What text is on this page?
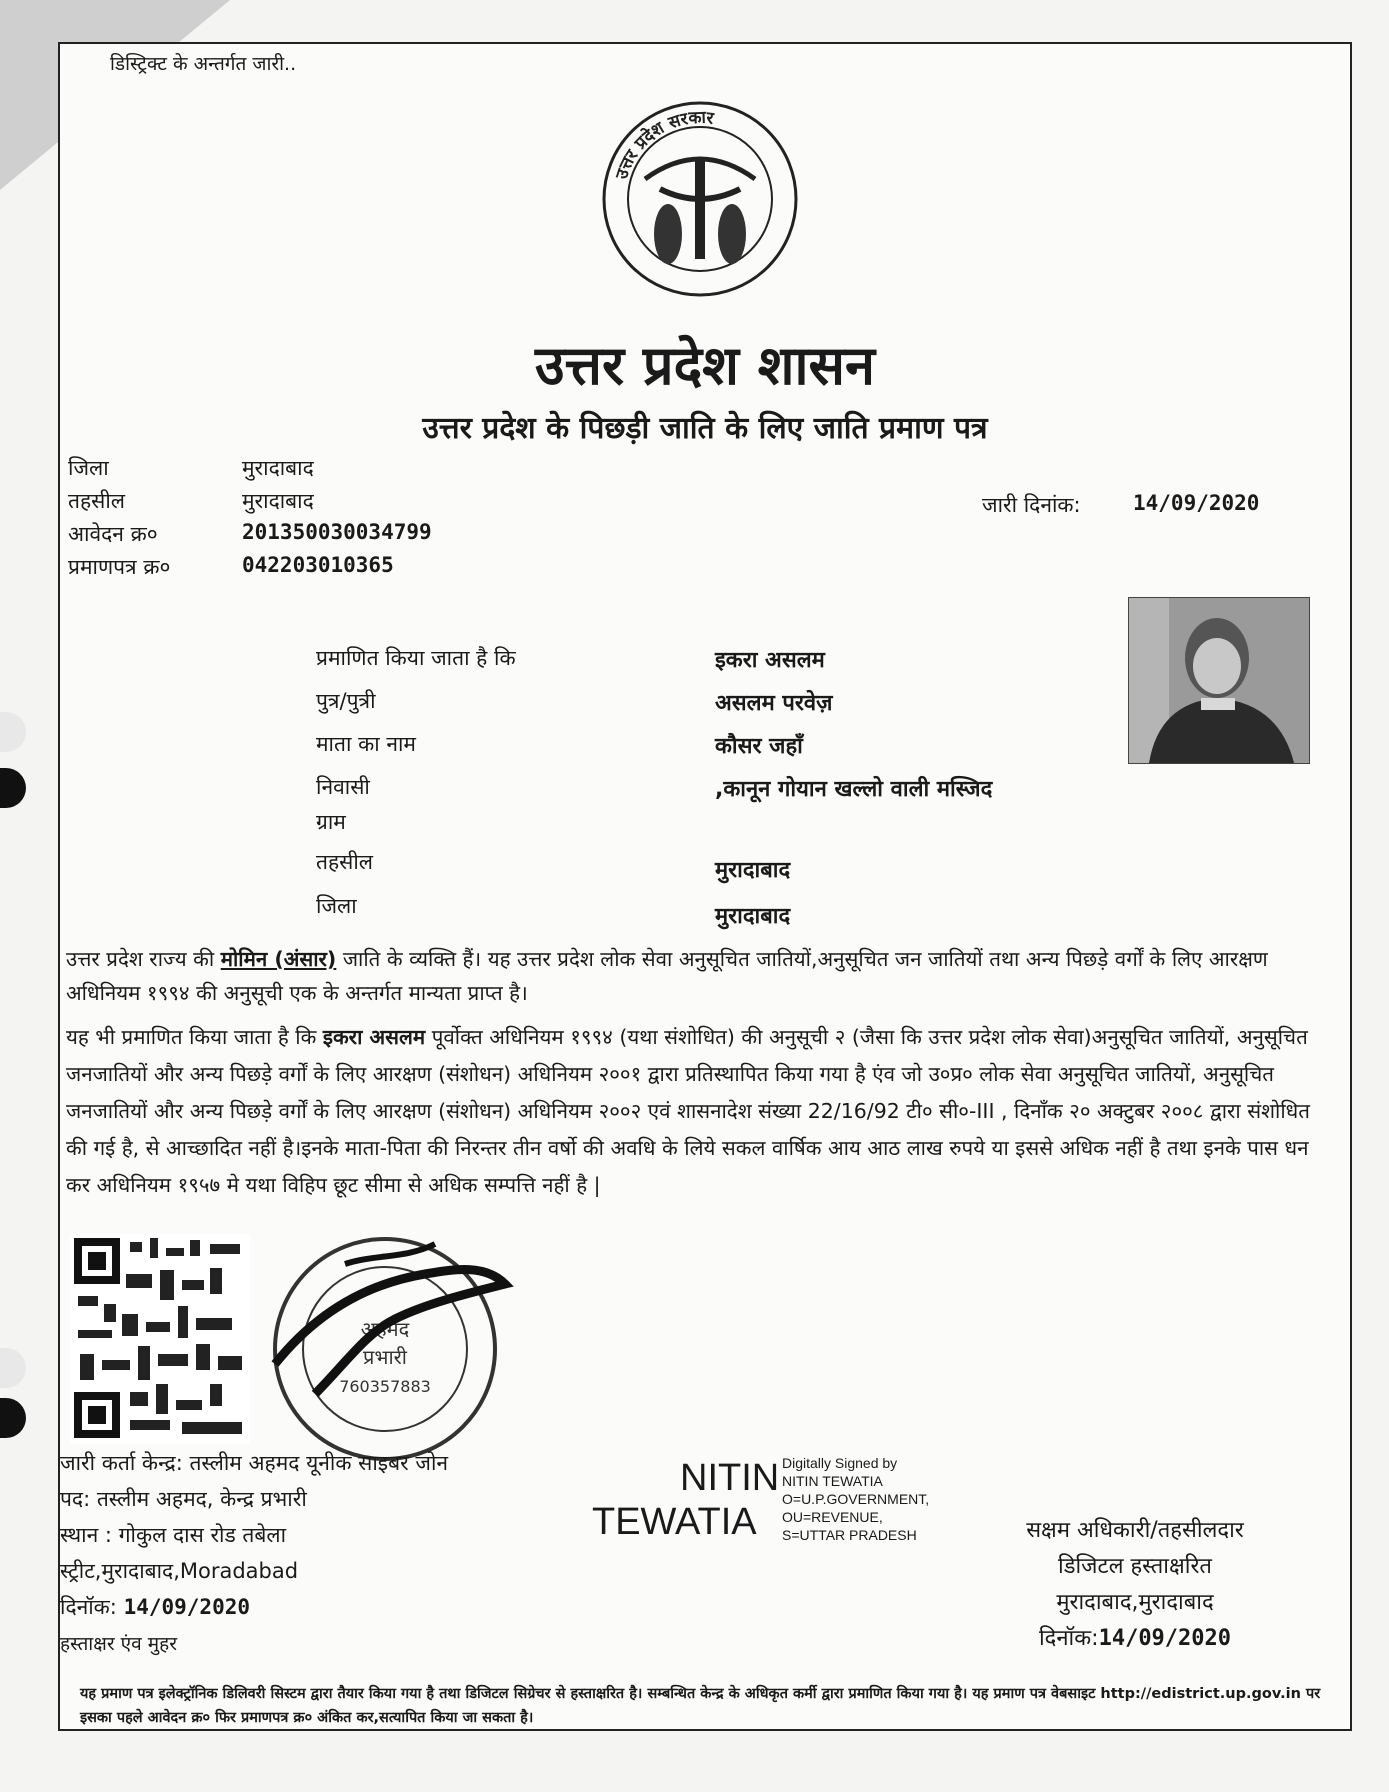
डिस्ट्रिक्ट के अन्तर्गत जारी..
उत्तर प्रदेश सरकार
उत्तर प्रदेश शासन
उत्तर प्रदेश के पिछड़ी जाति के लिए जाति प्रमाण पत्र
जिला	मुरादाबाद
तहसील	मुरादाबाद
आवेदन क्र०	201350030034799
प्रमाणपत्र क्र०	042203010365
जारी दिनांक: 14/09/2020
प्रमाणित किया जाता है कि	इकरा असलम
पुत्र/पुत्री	असलम परवेज़
माता का नाम	कौसर जहाँ
निवासी	,कानून गोयान खल्लो वाली मस्जिद
ग्राम
तहसील	मुरादाबाद
जिला	मुरादाबाद
उत्तर प्रदेश राज्य की मोमिन (अंसार) जाति के व्यक्ति हैं। यह उत्तर प्रदेश लोक सेवा अनुसूचित जातियों,अनुसूचित जन जातियों तथा अन्य पिछड़े वर्गों के लिए आरक्षण अधिनियम १९९४ की अनुसूची एक के अन्तर्गत मान्यता प्राप्त है।
यह भी प्रमाणित किया जाता है कि इकरा असलम पूर्वोक्त अधिनियम १९९४ (यथा संशोधित) की अनुसूची २ (जैसा कि उत्तर प्रदेश लोक सेवा)अनुसूचित जातियों, अनुसूचित जनजातियों और अन्य पिछड़े वर्गों के लिए आरक्षण (संशोधन) अधिनियम २००१ द्वारा प्रतिस्थापित किया गया है एंव जो उ०प्र० लोक सेवा अनुसूचित जातियों, अनुसूचित जनजातियों और अन्य पिछड़े वर्गों के लिए आरक्षण (संशोधन) अधिनियम २००२ एवं शासनादेश संख्या 22/16/92 टी० सी०-III , दिनाँक २० अक्टुबर २००८ द्वारा संशोधित की गई है, से आच्छादित नहीं है।इनके माता-पिता की निरन्तर तीन वर्षो की अवधि के लिये सकल वार्षिक आय आठ लाख रुपये या इससे अधिक नहीं है तथा इनके पास धन कर अधिनियम १९५७ मे यथा विहिप छूट सीमा से अधिक सम्पत्ति नहीं है |
अहमद
प्रभारी
760357883
जारी कर्ता केन्द्र: तस्लीम अहमद यूनीक साइबर जोन
पद: तस्लीम अहमद, केन्द्र प्रभारी
स्थान : गोकुल दास रोड तबेला
स्ट्रीट,मुरादाबाद,Moradabad
दिनॉक: 14/09/2020
हस्ताक्षर एंव मुहर
NITIN
TEWATIA
Digitally Signed by
NITIN TEWATIA
O=U.P.GOVERNMENT,
OU=REVENUE,
S=UTTAR PRADESH	सक्षम अधिकारी/तहसीलदार
डिजिटल हस्ताक्षरित
मुरादाबाद,मुरादाबाद
दिनॉक:14/09/2020
यह प्रमाण पत्र इलेक्ट्रॉनिक डिलिवरी सिस्टम द्वारा तैयार किया गया है तथा डिजिटल सिग्रेचर से हस्ताक्षरित है। सम्बन्धित केन्द्र के अधिकृत कर्मी द्वारा प्रमाणित किया गया है। यह प्रमाण पत्र वेबसाइट http://edistrict.up.gov.in पर इसका पहले आवेदन क्र० फिर प्रमाणपत्र क्र० अंकित कर,सत्यापित किया जा सकता है।
